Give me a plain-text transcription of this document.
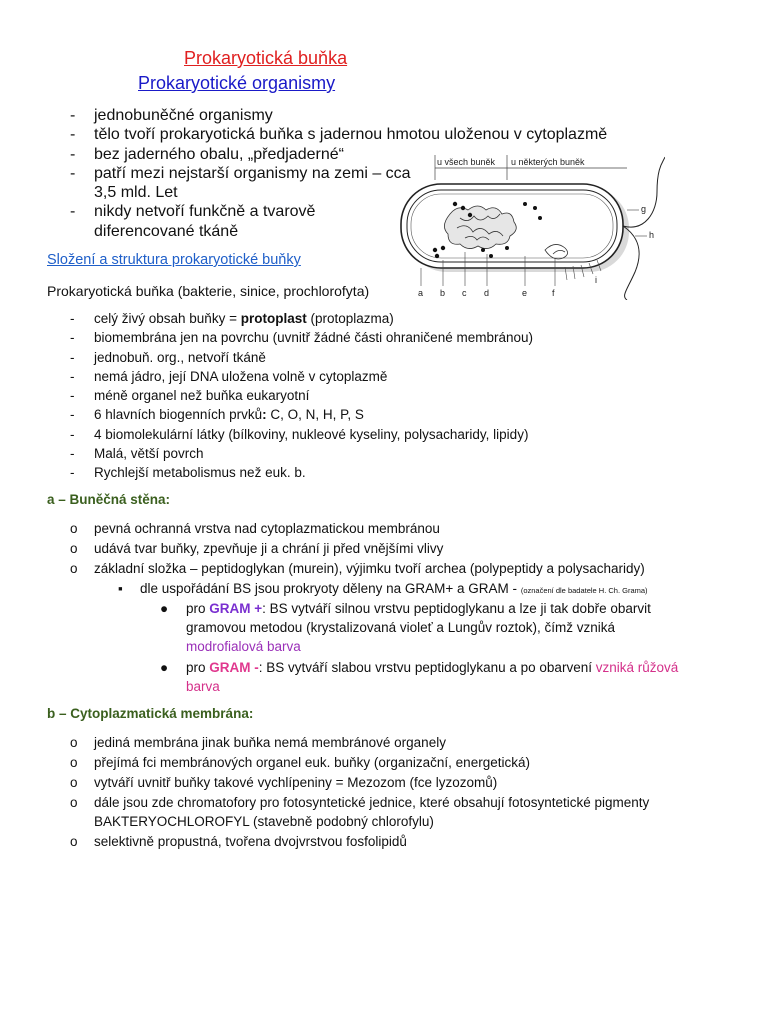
Prokaryotická buňka
Prokaryotické organismy
- jednobuněčné organismy
- tělo tvoří prokaryotická buňka s jadernou hmotou uloženou v cytoplazmě
- bez jaderného obalu, „předjaderné“
- patří mezi nejstarší organismy na zemi – cca
3,5 mld. Let
- nikdy netvoří funkčně a tvarově
diferencované tkáně
u všech buněk u některých buněk
a b c d	e	f
g
h
i
Složení a struktura prokaryotické buňky
Prokaryotická buňka (bakterie, sinice, prochlorofyta)
- celý živý obsah buňky = protoplast (protoplazma)
- biomembrána jen na povrchu (uvnitř žádné části ohraničené membránou)
- jednobuň. org., netvoří tkáně
- nemá jádro, její DNA uložena volně v cytoplazmě
- méně organel než buňka eukaryotní
- 6 hlavních biogenních prvků: C, O, N, H, P, S
- 4 biomolekulární látky (bílkoviny, nukleové kyseliny, polysacharidy, lipidy)
- Malá, větší povrch
- Rychlejší metabolismus než euk. b.
a – Buněčná stěna:
o pevná ochranná vrstva nad cytoplazmatickou membránou
o udává tvar buňky, zpevňuje ji a chrání ji před vnějšími vlivy
o základní složka – peptidoglykan (murein), výjimku tvoří archea (polypeptidy a polysacharidy)
▪ dle uspořádání BS jsou prokryoty děleny na GRAM+ a GRAM - (označení dle badatele H. Ch. Grama)
● pro GRAM +: BS vytváří silnou vrstvu peptidoglykanu a lze ji tak dobře obarvit
gramovou metodou (krystalizovaná violeť a Lungův roztok), čímž vzniká
modrofialová barva
● pro GRAM -: BS vytváří slabou vrstvu peptidoglykanu a po obarvení vzniká růžová
barva
b – Cytoplazmatická membrána:
o jediná membrána jinak buňka nemá membránové organely
o přejímá fci membránových organel euk. buňky (organizační, energetická)
o vytváří uvnitř buňky takové vychlípeniny = Mezozom (fce lyzozomů)
o dále jsou zde chromatofory pro fotosyntetické jednice, které obsahují fotosyntetické pigmenty
BAKTERYOCHLOROFYL (stavebně podobný chlorofylu)
o selektivně propustná, tvořena dvojvrstvou fosfolipidů
